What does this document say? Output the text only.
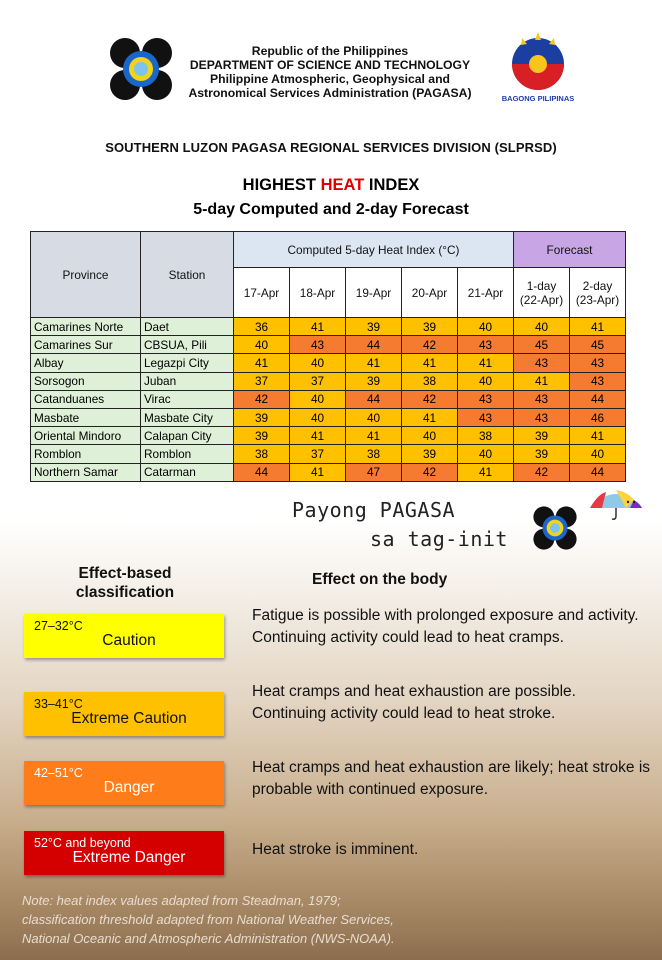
Republic of the Philippines
DEPARTMENT OF SCIENCE AND TECHNOLOGY
Philippine Atmospheric, Geophysical and
Astronomical Services Administration (PAGASA)	BAGONG PILIPINAS
SOUTHERN LUZON PAGASA REGIONAL SERVICES DIVISION (SLPRSD)
HIGHEST HEAT INDEX
5-day Computed and 2-day Forecast
Province	Station	Computed 5-day Heat Index (°C)					Forecast	
		17-Apr	18-Apr	19-Apr	20-Apr	21-Apr	1-day
(22-Apr)	2-day
(23-Apr)
Camarines Norte	Daet	36	41	39	39	40	40	41
Camarines Sur	CBSUA, Pili	40	43	44	42	43	45	45
Albay	Legazpi City	41	40	41	41	41	43	43
Sorsogon	Juban	37	37	39	38	40	41	43
Catanduanes	Virac	42	40	44	42	43	43	44
Masbate	Masbate City	39	40	40	41	43	43	46
Oriental Mindoro	Calapan City	39	41	41	40	38	39	41
Romblon	Romblon	38	37	38	39	40	39	40
Northern Samar	Catarman	44	41	47	42	41	42	44
Payong PAGASA
sa tag-init
Effect-based classification
Effect on the body
27–32°C
Caution
Fatigue is possible with prolonged exposure and activity. Continuing activity could lead to heat cramps.
33–41°C
Extreme Caution
Heat cramps and heat exhaustion are possible. Continuing activity could lead to heat stroke.
42–51°C
Danger
Heat cramps and heat exhaustion are likely; heat stroke is probable with continued exposure.
52°C and beyond
Extreme Danger	Heat stroke is imminent.
Note: heat index values adapted from Steadman, 1979;
classification threshold adapted from National Weather Services,
National Oceanic and Atmospheric Administration (NWS-NOAA).
